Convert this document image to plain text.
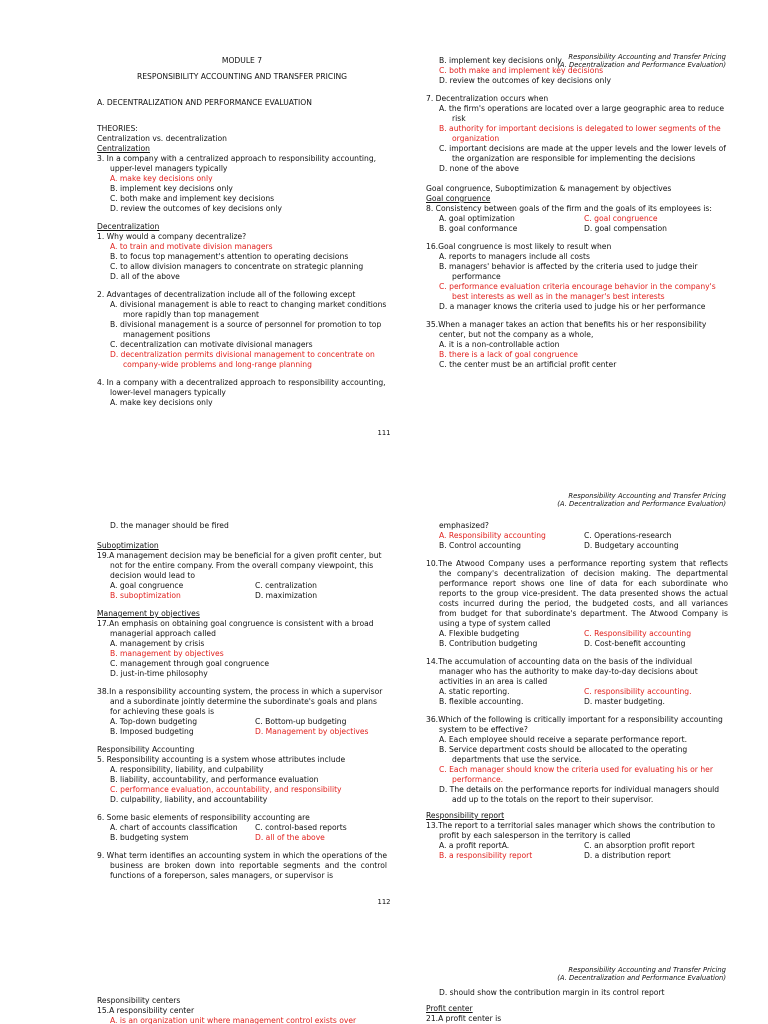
Responsibility Accounting and Transfer Pricing
(A. Decentralization and Performance Evaluation)
MODULE 7
RESPONSIBILITY ACCOUNTING AND TRANSFER PRICING
A. DECENTRALIZATION AND PERFORMANCE EVALUATION
THEORIES:
Centralization vs. decentralization
Centralization
3. In a company with a centralized approach to responsibility accounting, upper-level managers typically
A. make key decisions only
B. implement key decisions only
C. both make and implement key decisions
D. review the outcomes of key decisions only
Decentralization
1. Why would a company decentralize?
A. to train and motivate division managers
B. to focus top management's attention to operating decisions
C. to allow division managers to concentrate on strategic planning
D. all of the above
2. Advantages of decentralization include all of the following except
A. divisional management is able to react to changing market conditions more rapidly than top management
B. divisional management is a source of personnel for promotion to top management positions
C. decentralization can motivate divisional managers
D. decentralization permits divisional management to concentrate on company-wide problems and long-range planning
4. In a company with a decentralized approach to responsibility accounting, lower-level managers typically
A. make key decisions only
B. implement key decisions only
C. both make and implement key decisions
D. review the outcomes of key decisions only
7. Decentralization occurs when
A. the firm's operations are located over a large geographic area to reduce risk
B. authority for important decisions is delegated to lower segments of the organization
C. important decisions are made at the upper levels and the lower levels of the organization are responsible for implementing the decisions
D. none of the above
Goal congruence, Suboptimization & management by objectives
Goal congruence
8. Consistency between goals of the firm and the goals of its employees is:
A. goal optimization	C. goal congruence
B. goal conformance	D. goal compensation
16.Goal congruence is most likely to result when
A. reports to managers include all costs
B. managers' behavior is affected by the criteria used to judge their performance
C. performance evaluation criteria encourage behavior in the company's best interests as well as in the manager's best interests
D. a manager knows the criteria used to judge his or her performance
35.When a manager takes an action that benefits his or her responsibility center, but not the company as a whole,
A. it is a non-controllable action
B. there is a lack of goal congruence
C. the center must be an artificial profit center
111
Responsibility Accounting and Transfer Pricing
(A. Decentralization and Performance Evaluation)
D. the manager should be fired
Suboptimization
19.A management decision may be beneficial for a given profit center, but not for the entire company. From the overall company viewpoint, this decision would lead to
A. goal congruence	C. centralization
B. suboptimization	D. maximization
Management by objectives
17.An emphasis on obtaining goal congruence is consistent with a broad managerial approach called
A. management by crisis
B. management by objectives
C. management through goal congruence
D. just-in-time philosophy
38.In a responsibility accounting system, the process in which a supervisor and a subordinate jointly determine the subordinate's goals and plans for achieving these goals is
A. Top-down budgeting	C. Bottom-up budgeting
B. Imposed budgeting	D. Management by objectives
Responsibility Accounting
5. Responsibility accounting is a system whose attributes include
A. responsibility, liability, and culpability
B. liability, accountability, and performance evaluation
C. performance evaluation, accountability, and responsibility
D. culpability, liability, and accountability
6. Some basic elements of responsibility accounting are
A. chart of accounts classification	C. control-based reports
B. budgeting system	D. all of the above
9. What term identifies an accounting system in which the operations of the business are broken down into reportable segments and the control functions of a foreperson, sales managers, or supervisor is
emphasized?
A. Responsibility accounting	C. Operations-research
B. Control accounting	D. Budgetary accounting
10.The Atwood Company uses a performance reporting system that reflects the company's decentralization of decision making. The departmental performance report shows one line of data for each subordinate who reports to the group vice-president. The data presented shows the actual costs incurred during the period, the budgeted costs, and all variances from budget for that subordinate's department. The Atwood Company is using a type of system called
A. Flexible budgeting	C. Responsibility accounting
B. Contribution budgeting	D. Cost-benefit accounting
14.The accumulation of accounting data on the basis of the individual manager who has the authority to make day-to-day decisions about activities in an area is called
A. static reporting.	C. responsibility accounting.
B. flexible accounting.	D. master budgeting.
36.Which of the following is critically important for a responsibility accounting system to be effective?
A. Each employee should receive a separate performance report.
B. Service department costs should be allocated to the operating departments that use the service.
C. Each manager should know the criteria used for evaluating his or her performance.
D. The details on the performance reports for individual managers should add up to the totals on the report to their supervisor.
Responsibility report
13.The report to a territorial sales manager which shows the contribution to profit by each salesperson in the territory is called
A. a profit reportA.	C. an absorption profit report
B. a responsibility report	D. a distribution report
112
Responsibility Accounting and Transfer Pricing
(A. Decentralization and Performance Evaluation)
Responsibility centers
15.A responsibility center
A. is an organization unit where management control exists over
D. should show the contribution margin in its control report
Profit center
21.A profit center is
